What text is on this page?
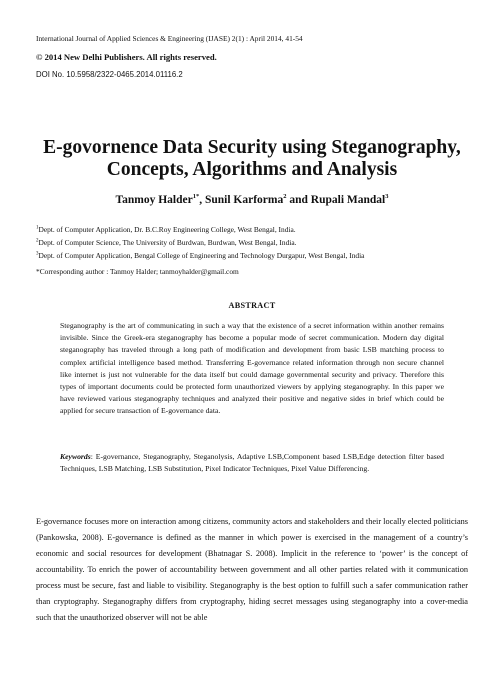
International Journal of Applied Sciences & Engineering (IJASE) 2(1) : April 2014, 41-54
© 2014 New Delhi Publishers. All rights reserved.
DOI No. 10.5958/2322-0465.2014.01116.2
E-govornence Data Security using Steganography,
Concepts, Algorithms and Analysis
Tanmoy Halder$^{1*}$, Sunil Karforma$^2$ and Rupali Mandal$^3$
$^1$Dept. of Computer Application, Dr. B.C.Roy Engineering College, West Bengal, India.
$^2$Dept. of Computer Science, The University of Burdwan, Burdwan, West Bengal, India.
$^3$Dept. of Computer Application, Bengal College of Engineering and Technology Durgapur, West Bengal, India
*Corresponding author : Tanmoy Halder; tanmoyhalder@gmail.com
ABSTRACT
Steganography is the art of communicating in such a way that the existence of a secret information within another remains invisible. Since the Greek-era steganography has become a popular mode of secret communication. Modern day digital steganography has traveled through a long path of modification and development from basic LSB matching process to complex artificial intelligence based method. Transferring E-governance related information through non secure channel like internet is just not vulnerable for the data itself but could damage governmental security and privacy. Therefore this types of important documents could be protected form unauthorized viewers by applying steganography. In this paper we have reviewed various steganography techniques and analyzed their positive and negative sides in brief which could be applied for secure transaction of E-governance data.
Keywords: E-governance, Steganography, Steganolysis, Adaptive LSB,Component based LSB,Edge detection filter based Techniques, LSB Matching, LSB Substitution, Pixel Indicator Techniques, Pixel Value Differencing.
E-governance focuses more on interaction among citizens, community actors and stakeholders and their locally elected politicians (Pankowska, 2008). E-governance is defined as the manner in which power is exercised in the management of a country’s economic and social resources for development (Bhatnagar S. 2008). Implicit in the reference to ‘power’ is the concept of accountability. To enrich the power of accountability between government and all other parties related with it communication process must be secure, fast and liable to visibility. Steganography is the best option to fulfill such a safer communication rather than cryptography. Steganography differs from cryptography, hiding secret messages using steganography into a cover-media such that the unauthorized observer will not be able
